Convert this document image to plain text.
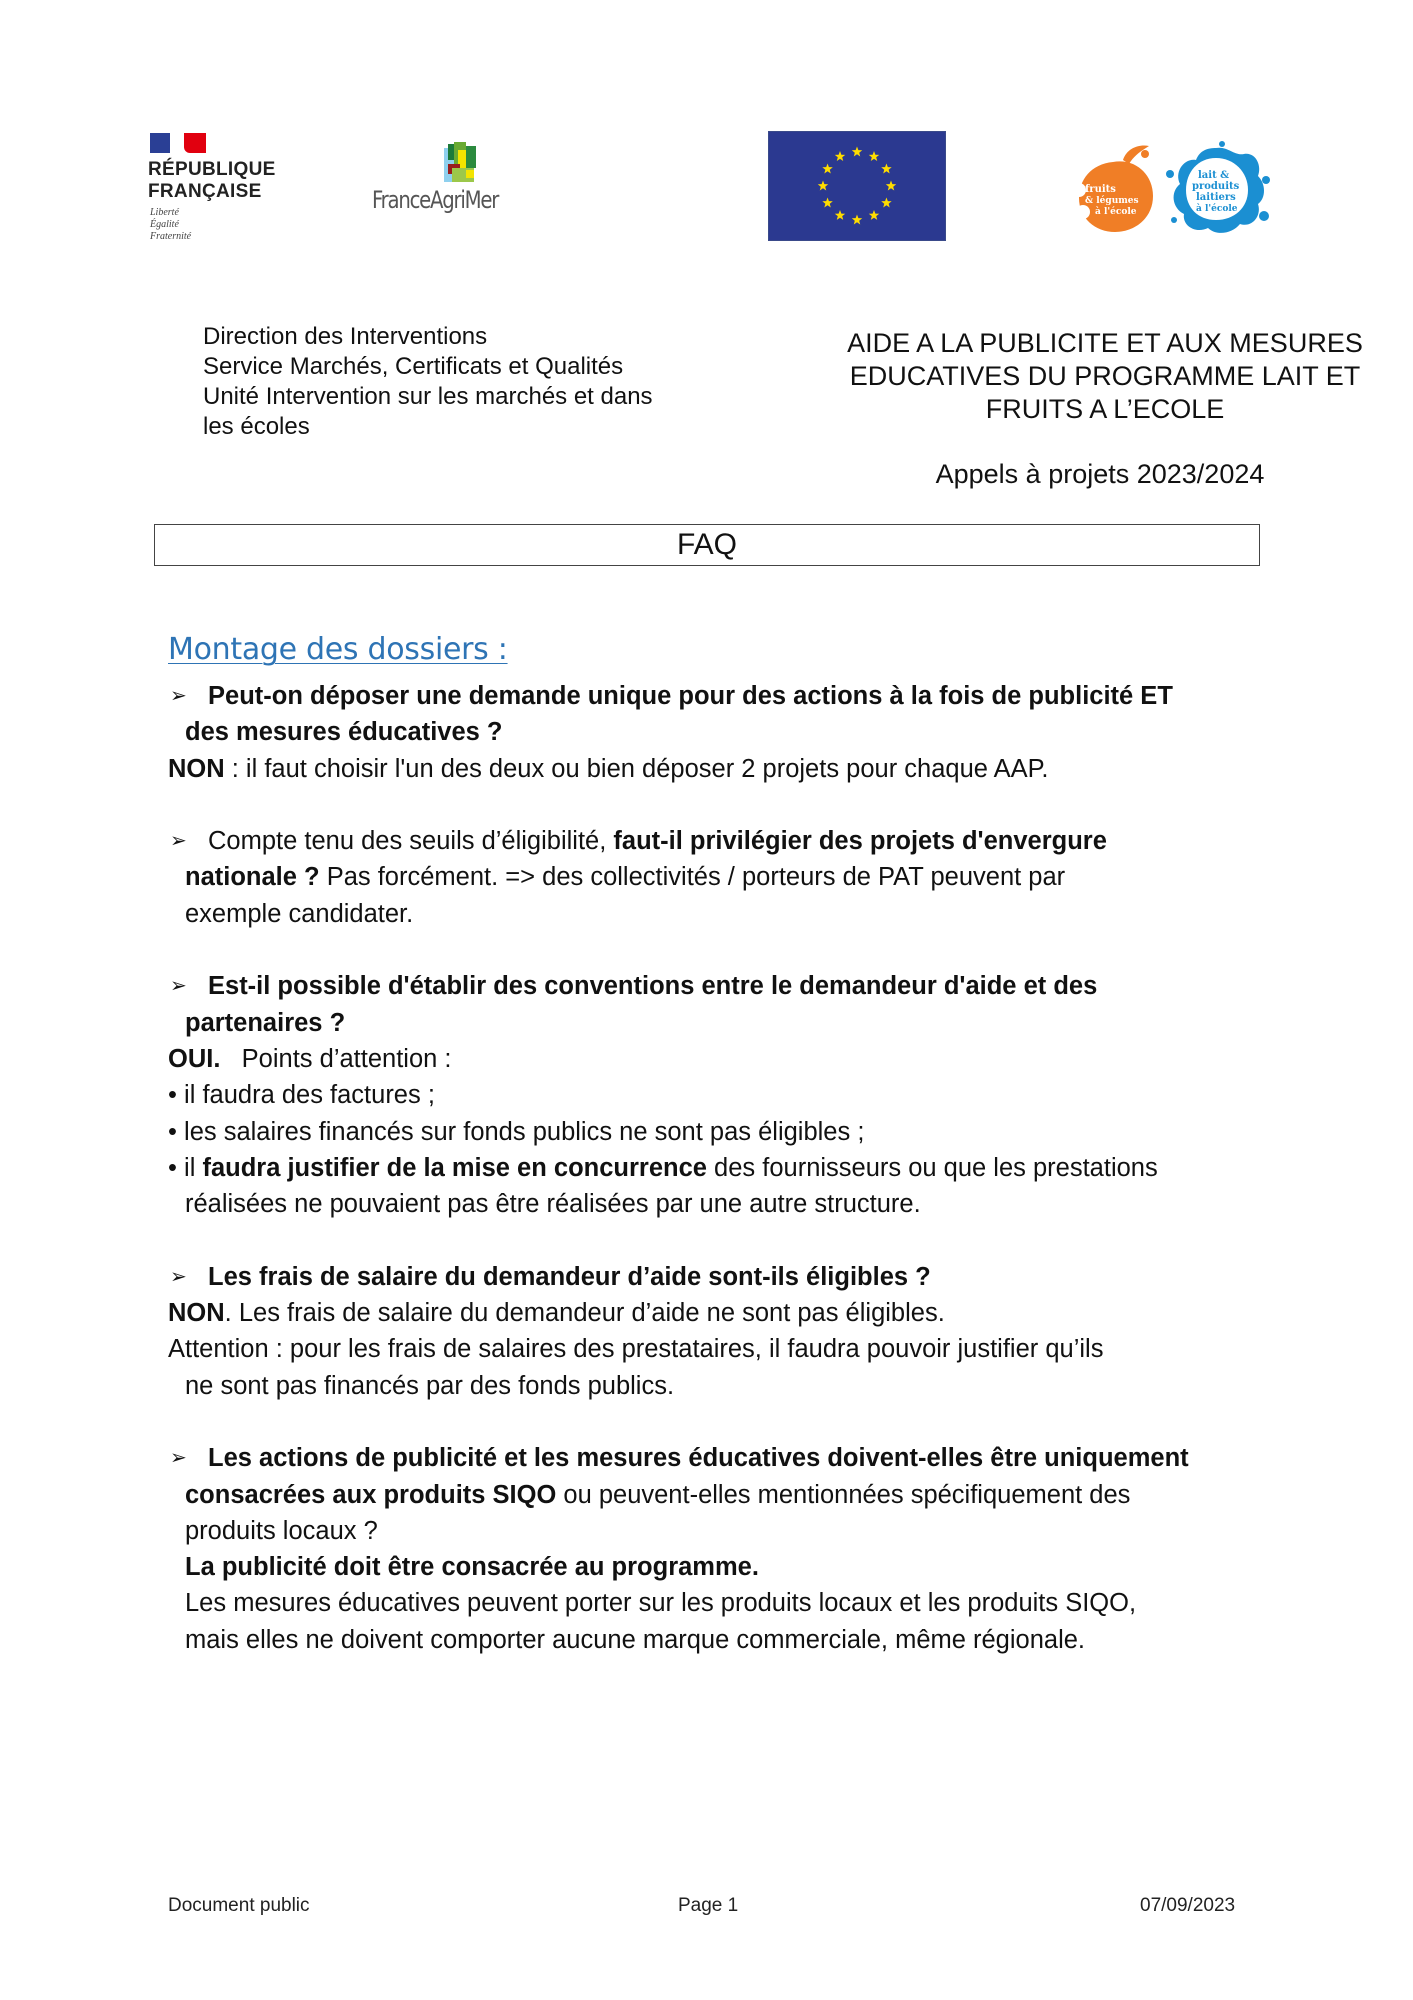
RÉPUBLIQUE
FRANÇAISE
Liberté
Égalité
Fraternité
FranceAgriMer	fruits
& légumes
à l'école
lait &
produits
laitiers
à l'école
Direction des Interventions
Service Marchés, Certificats et Qualités
Unité Intervention sur les marchés et dans
les écoles
AIDE A LA PUBLICITE ET AUX MESURES
EDUCATIVES DU PROGRAMME LAIT ET
FRUITS A L’ECOLE
Appels à projets 2023/2024
FAQ
Montage des dossiers :

➢ Peut-on déposer une demande unique pour des actions à la fois de publicité ET

des mesures éducatives ?

NON : il faut choisir l'un des deux ou bien déposer 2 projets pour chaque AAP.

➢ Compte tenu des seuils d’éligibilité, faut-il privilégier des projets d'envergure

nationale ? Pas forcément. => des collectivités / porteurs de PAT peuvent par

exemple candidater.

➢ Est-il possible d'établir des conventions entre le demandeur d'aide et des

partenaires ?

OUI.   Points d’attention :

• il faudra des factures ;

• les salaires financés sur fonds publics ne sont pas éligibles ;

• il faudra justifier de la mise en concurrence des fournisseurs ou que les prestations

réalisées ne pouvaient pas être réalisées par une autre structure.

➢ Les frais de salaire du demandeur d’aide sont-ils éligibles ?

NON. Les frais de salaire du demandeur d’aide ne sont pas éligibles.

Attention : pour les frais de salaires des prestataires, il faudra pouvoir justifier qu’ils

ne sont pas financés par des fonds publics.

➢ Les actions de publicité et les mesures éducatives doivent-elles être uniquement

consacrées aux produits SIQO ou peuvent-elles mentionnées spécifiquement des

produits locaux ?

La publicité doit être consacrée au programme.

Les mesures éducatives peuvent porter sur les produits locaux et les produits SIQO,

mais elles ne doivent comporter aucune marque commerciale, même régionale.

Document public	Page 1	07/09/2023
